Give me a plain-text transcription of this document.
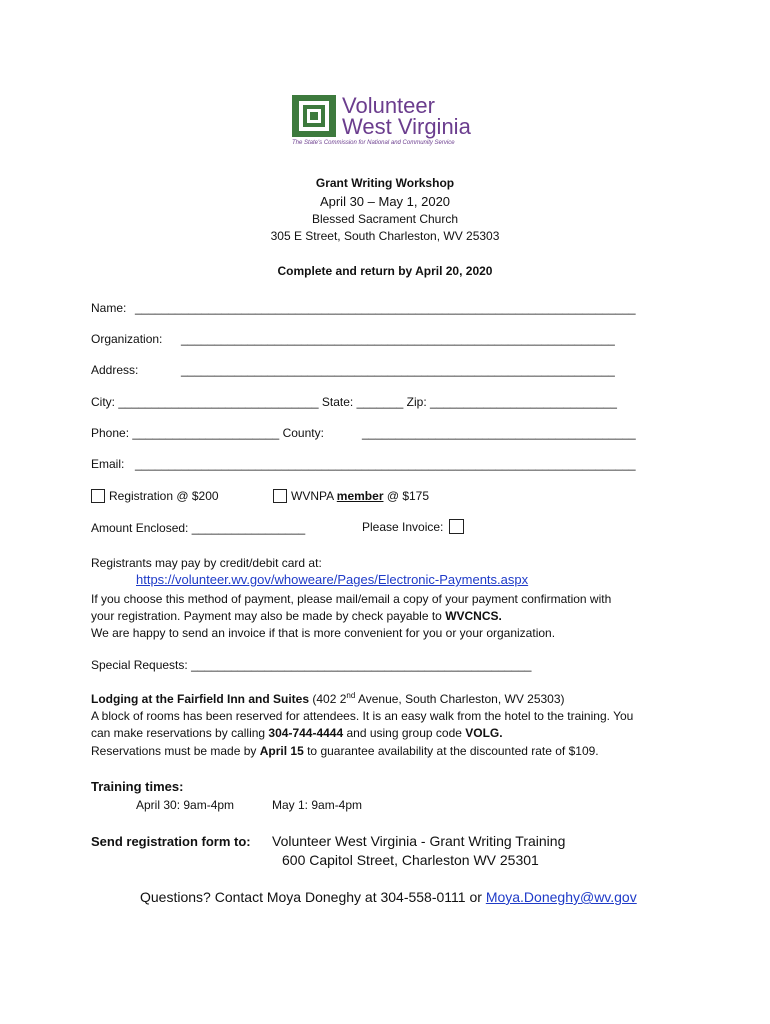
Volunteer
West Virginia
The State's Commission for National and Community Service
Grant Writing Workshop
April 30 – May 1, 2020
Blessed Sacrament Church
305 E Street, South Charleston, WV 25303
Complete and return by April 20, 2020
Name: ___________________________________________________________________________
Organization: _________________________________________________________________
Address:	_________________________________________________________________
City: ______________________________ State: _______ Zip: ____________________________
Phone: ______________________ County:	_________________________________________
Email: ___________________________________________________________________________
Registration @ $200	WVNPA member @ $175
Amount Enclosed: _________________	Please Invoice:
Registrants may pay by credit/debit card at:
https://volunteer.wv.gov/whoweare/Pages/Electronic-Payments.aspx
If you choose this method of payment, please mail/email a copy of your payment confirmation with
your registration. Payment may also be made by check payable to WVCNCS.
We are happy to send an invoice if that is more convenient for you or your organization.
Special Requests: ___________________________________________________
Lodging at the Fairfield Inn and Suites (402 2nd Avenue, South Charleston, WV 25303)
A block of rooms has been reserved for attendees. It is an easy walk from the hotel to the training. You
can make reservations by calling 304-744-4444 and using group code VOLG.
Reservations must be made by April 15 to guarantee availability at the discounted rate of $109.
Training times:
April 30: 9am-4pm	May 1: 9am-4pm
Send registration form to: Volunteer West Virginia - Grant Writing Training
600 Capitol Street, Charleston WV 25301
Questions? Contact Moya Doneghy at 304-558-0111 or Moya.Doneghy@wv.gov
